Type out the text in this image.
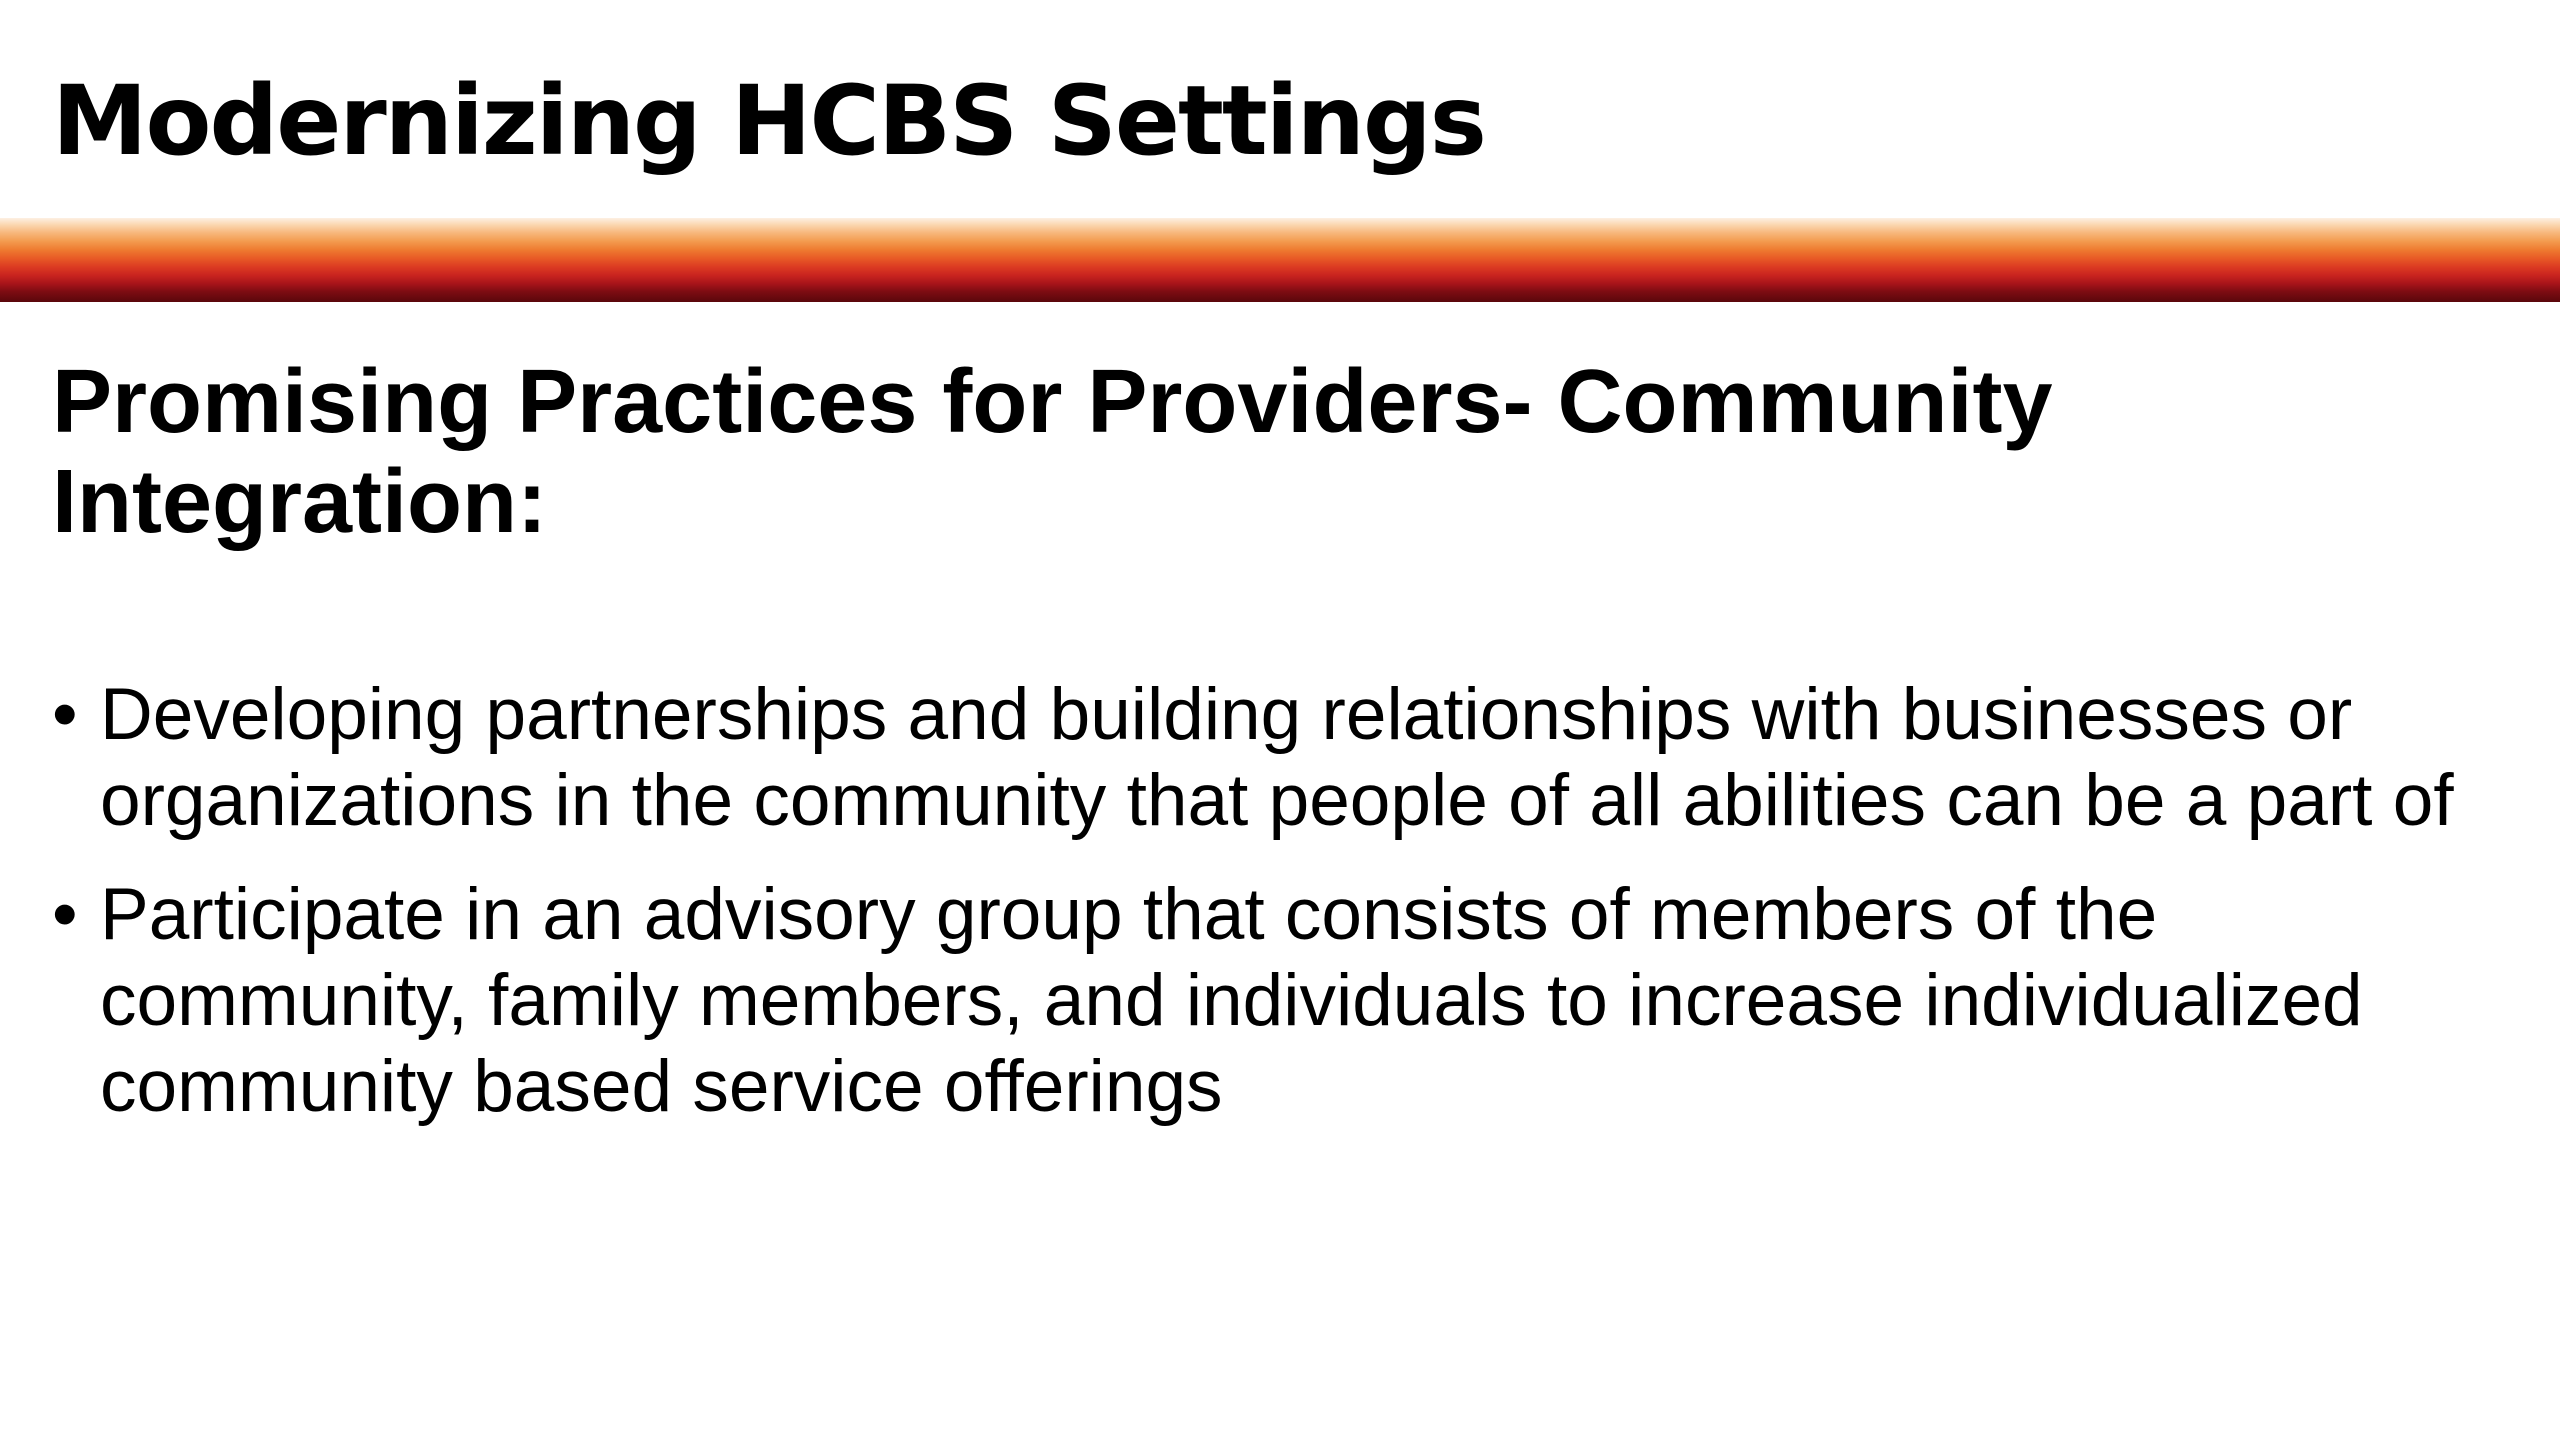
Modernizing HCBS Settings
Promising Practices for Providers- Community Integration:
• Developing partnerships and building relationships with businesses or organizations in the community that people of all abilities can be a part of
• Participate in an advisory group that consists of members of the community, family members, and individuals to increase individualized community based service offerings
